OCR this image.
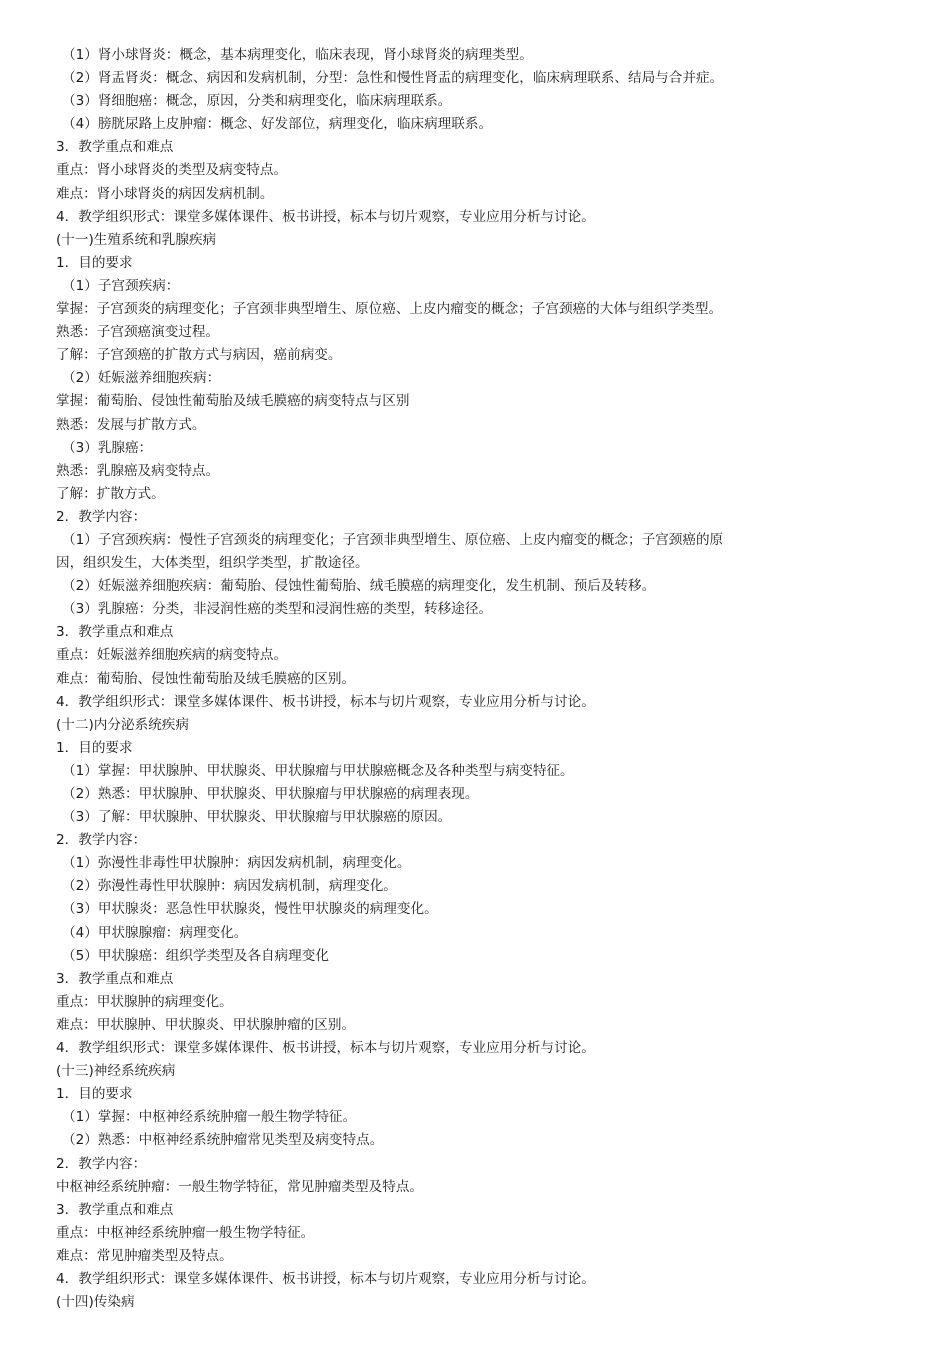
（1）肾小球肾炎：概念，基本病理变化，临床表现，肾小球肾炎的病理类型。
（2）肾盂肾炎：概念、病因和发病机制，分型：急性和慢性肾盂的病理变化，临床病理联系、结局与合并症。
（3）肾细胞癌：概念，原因，分类和病理变化，临床病理联系。
（4）膀胱尿路上皮肿瘤：概念、好发部位，病理变化，临床病理联系。
3．教学重点和难点
重点：肾小球肾炎的类型及病变特点。
难点：肾小球肾炎的病因发病机制。
4．教学组织形式：课堂多媒体课件、板书讲授，标本与切片观察，专业应用分析与讨论。
(十一)生殖系统和乳腺疾病
1．目的要求
（1）子宫颈疾病：
掌握：子宫颈炎的病理变化；子宫颈非典型增生、原位癌、上皮内瘤变的概念；子宫颈癌的大体与组织学类型。
熟悉：子宫颈癌演变过程。
了解：子宫颈癌的扩散方式与病因，癌前病变。
（2）妊娠滋养细胞疾病：
掌握：葡萄胎、侵蚀性葡萄胎及绒毛膜癌的病变特点与区别
熟悉：发展与扩散方式。
（3）乳腺癌：
熟悉：乳腺癌及病变特点。
了解：扩散方式。
2．教学内容：
（1）子宫颈疾病：慢性子宫颈炎的病理变化；子宫颈非典型增生、原位癌、上皮内瘤变的概念；子宫颈癌的原
因，组织发生，大体类型，组织学类型，扩散途径。
（2）妊娠滋养细胞疾病：葡萄胎、侵蚀性葡萄胎、绒毛膜癌的病理变化，发生机制、预后及转移。
（3）乳腺癌：分类，非浸润性癌的类型和浸润性癌的类型，转移途径。
3．教学重点和难点
重点：妊娠滋养细胞疾病的病变特点。
难点：葡萄胎、侵蚀性葡萄胎及绒毛膜癌的区别。
4．教学组织形式：课堂多媒体课件、板书讲授，标本与切片观察，专业应用分析与讨论。
(十二)内分泌系统疾病
1．目的要求
（1）掌握：甲状腺肿、甲状腺炎、甲状腺瘤与甲状腺癌概念及各种类型与病变特征。
（2）熟悉：甲状腺肿、甲状腺炎、甲状腺瘤与甲状腺癌的病理表现。
（3）了解：甲状腺肿、甲状腺炎、甲状腺瘤与甲状腺癌的原因。
2．教学内容：
（1）弥漫性非毒性甲状腺肿：病因发病机制，病理变化。
（2）弥漫性毒性甲状腺肿：病因发病机制，病理变化。
（3）甲状腺炎：恶急性甲状腺炎，慢性甲状腺炎的病理变化。
（4）甲状腺腺瘤：病理变化。
（5）甲状腺癌：组织学类型及各自病理变化
3．教学重点和难点
重点：甲状腺肿的病理变化。
难点：甲状腺肿、甲状腺炎、甲状腺肿瘤的区别。
4．教学组织形式：课堂多媒体课件、板书讲授，标本与切片观察，专业应用分析与讨论。
(十三)神经系统疾病
1．目的要求
（1）掌握：中枢神经系统肿瘤一般生物学特征。
（2）熟悉：中枢神经系统肿瘤常见类型及病变特点。
2．教学内容：
中枢神经系统肿瘤：一般生物学特征，常见肿瘤类型及特点。
3．教学重点和难点
重点：中枢神经系统肿瘤一般生物学特征。
难点：常见肿瘤类型及特点。
4．教学组织形式：课堂多媒体课件、板书讲授，标本与切片观察，专业应用分析与讨论。
(十四)传染病
